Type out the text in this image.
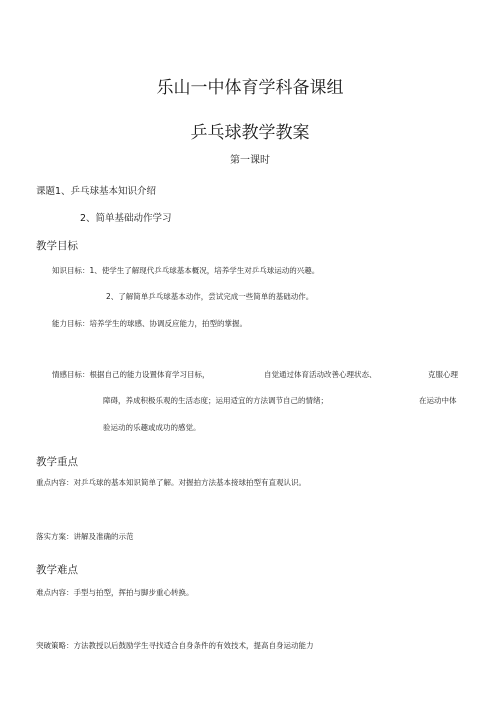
乐山一中体育学科备课组
乒乓球教学教案
第一课时
课题1、乒乓球基本知识介绍
2、简单基础动作学习
教学目标
知识目标：1、使学生了解现代乒乓球基本概况，培养学生对乒乓球运动的兴趣。
2、了解简单乒乓球基本动作，尝试完成一些简单的基础动作。
能力目标：培养学生的球感、协调反应能力，拍型的掌握。
情感目标：根据自己的能力设置体育学习目标，	自觉通过体育活动改善心理状态、	克服心理
障碍，养成积极乐观的生活态度；运用适宜的方法调节自己的情绪；	在运动中体
验运动的乐趣或成功的感觉。
教学重点
重点内容：对乒乓球的基本知识简单了解。对握拍方法基本接球拍型有直观认识。
落实方案：讲解及准确的示范
教学难点
难点内容：手型与拍型，挥拍与脚步重心转换。
突破策略：方法教授以后鼓励学生寻找适合自身条件的有效技术，提高自身运动能力
